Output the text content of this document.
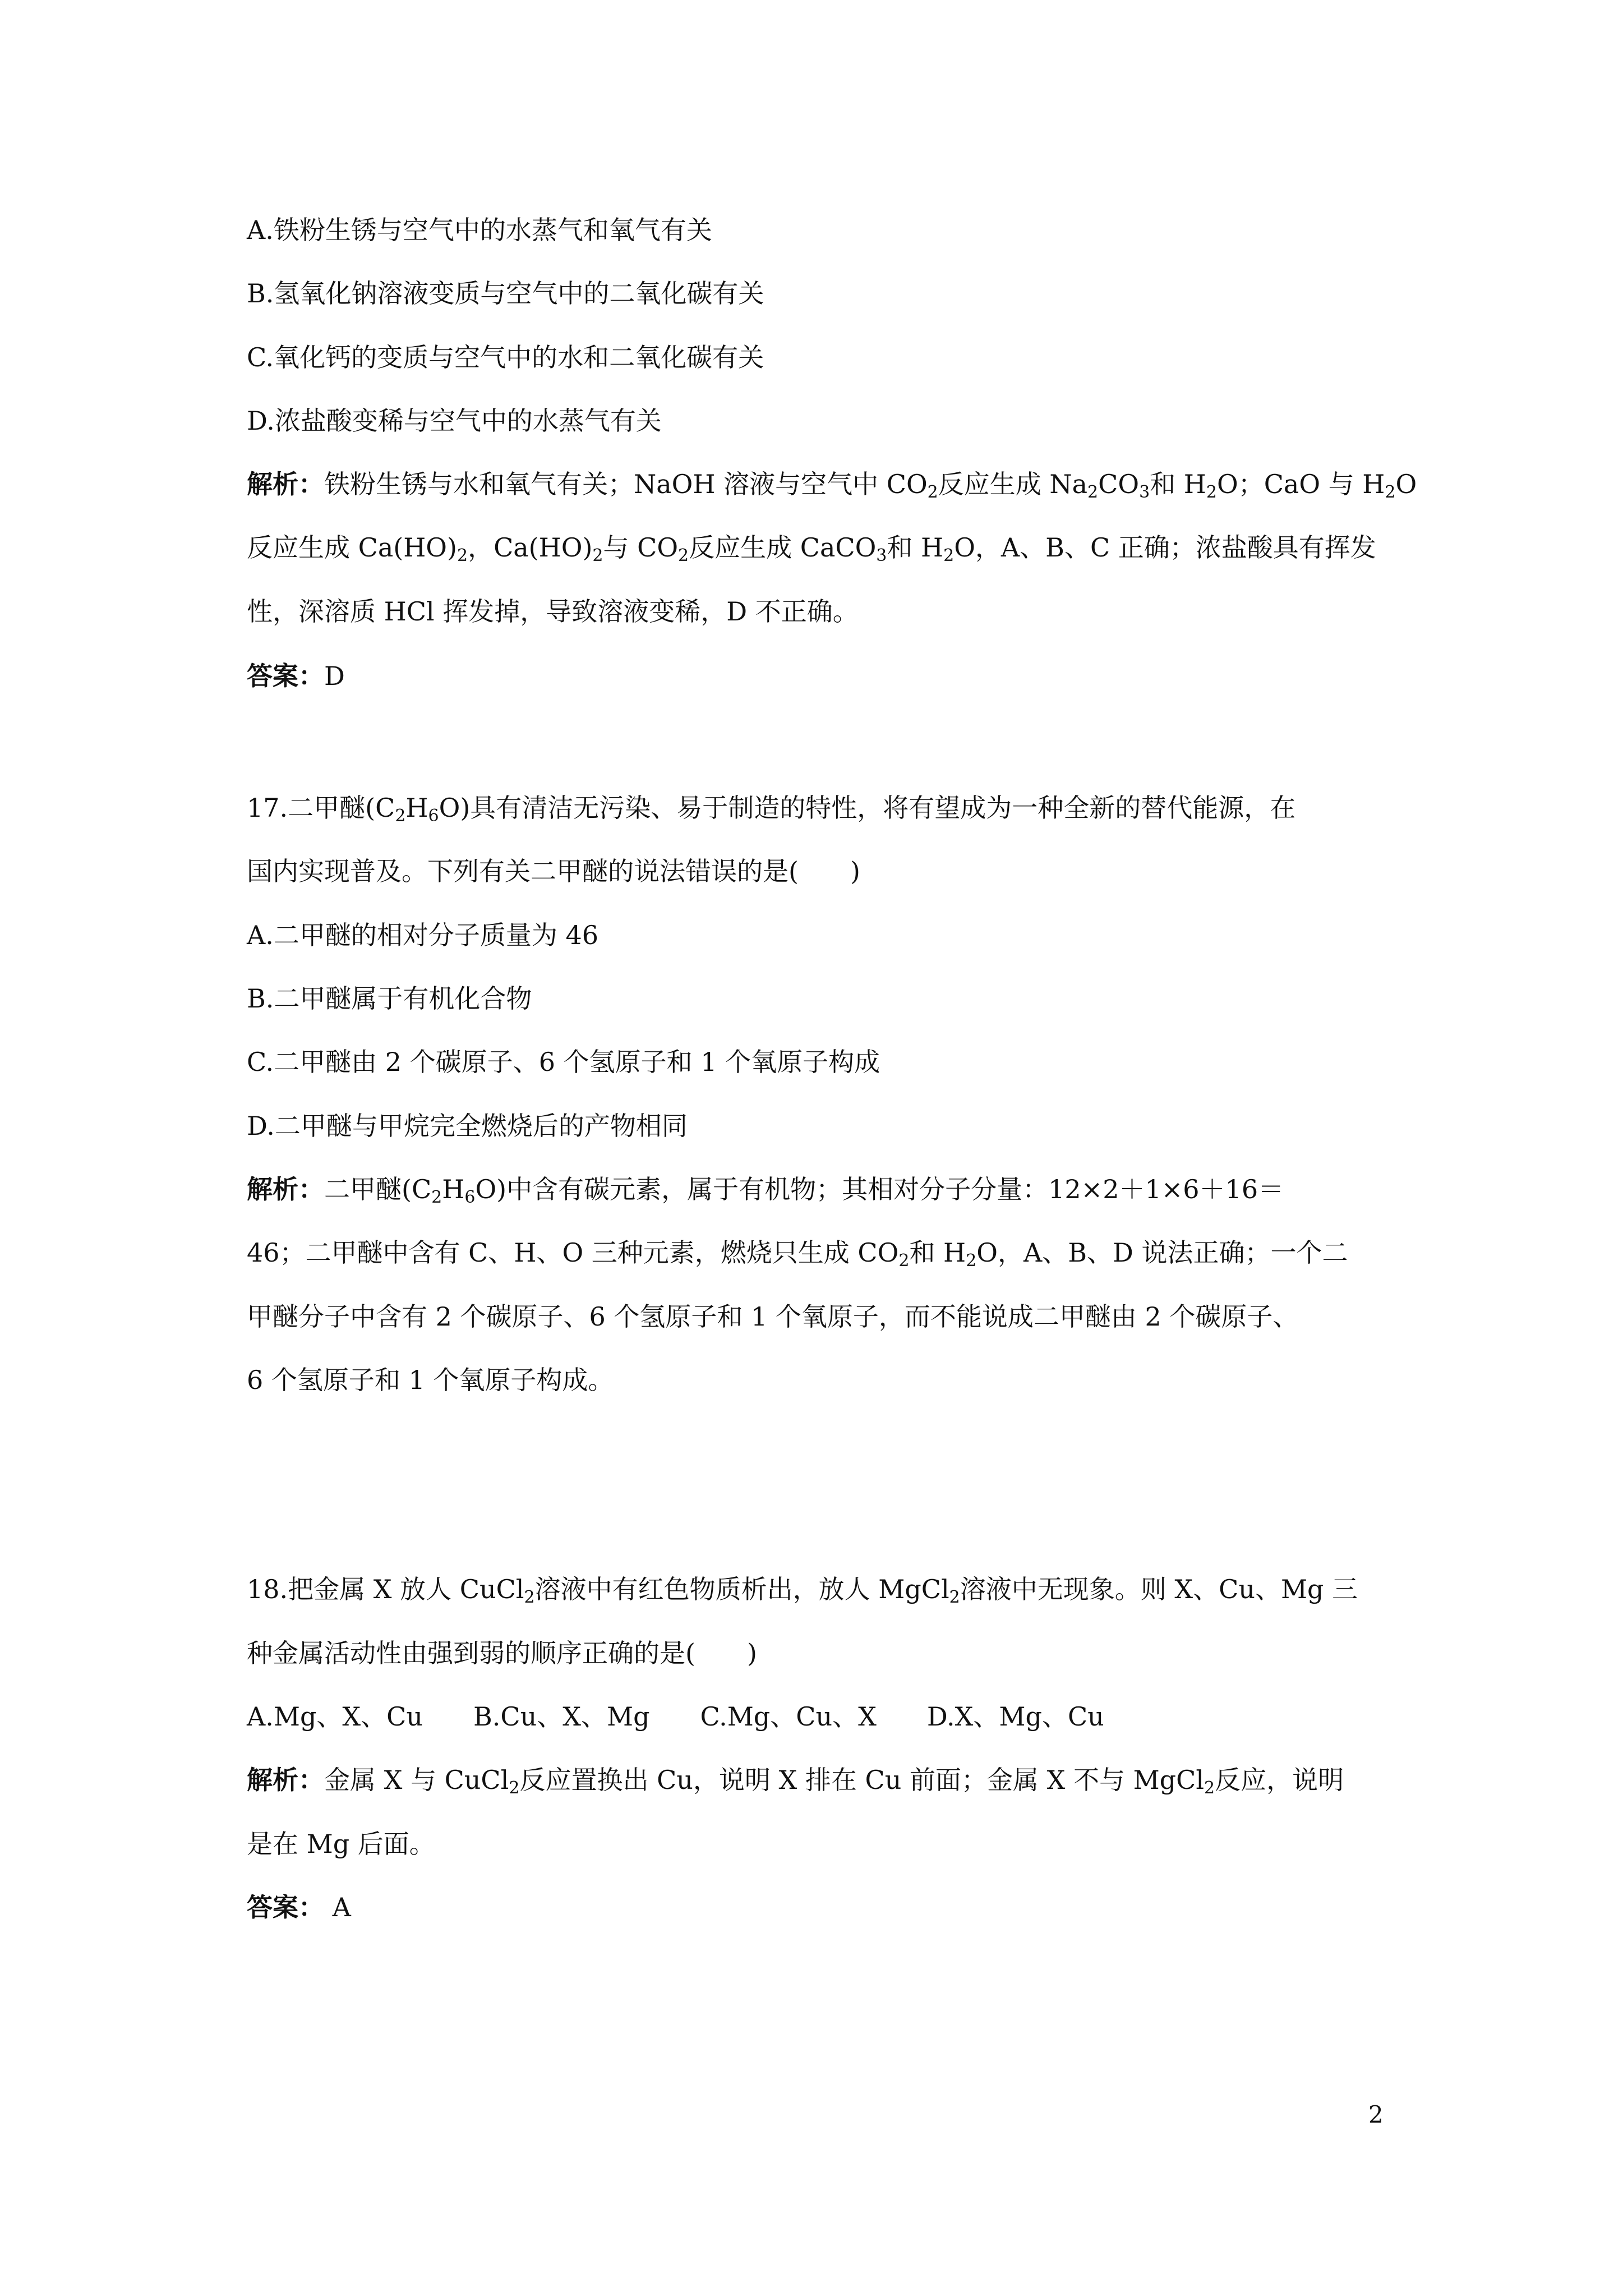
A.铁粉生锈与空气中的水蒸气和氧气有关
B.氢氧化钠溶液变质与空气中的二氧化碳有关
C.氧化钙的变质与空气中的水和二氧化碳有关
D.浓盐酸变稀与空气中的水蒸气有关
解析：铁粉生锈与水和氧气有关；NaOH 溶液与空气中 $CO_2$反应生成 $Na_2CO_3$和 $H_2O$；CaO 与 $H_2O$
反应生成 $Ca(HO)_2$，$Ca(HO)_2$与 $CO_2$反应生成 CaCO$_3$和 $H_2O$，A、B、C 正确；浓盐酸具有挥发
性，深溶质 HCl 挥发掉，导致溶液变稀，D 不正确。
答案：D
17.二甲醚$(C_2H_6O)$具有清洁无污染、易于制造的特性，将有望成为一种全新的替代能源，在
国内实现普及。下列有关二甲醚的说法错误的是(　　)
A.二甲醚的相对分子质量为 46
B.二甲醚属于有机化合物
C.二甲醚由 2 个碳原子、6 个氢原子和 1 个氧原子构成
D.二甲醚与甲烷完全燃烧后的产物相同
解析：二甲醚$(C_2H_6O)$中含有碳元素，属于有机物；其相对分子分量：12×2＋1×6＋16＝
46；二甲醚中含有 C、H、O 三种元素，燃烧只生成 $CO_2$和 $H_2O$，A、B、D 说法正确；一个二
甲醚分子中含有 2 个碳原子、6 个氢原子和 1 个氧原子，而不能说成二甲醚由 2 个碳原子、
6 个氢原子和 1 个氧原子构成。
18.把金属 X 放人 CuCl$_2$溶液中有红色物质析出，放人 MgCl$_2$溶液中无现象。则 X、Cu、Mg 三
种金属活动性由强到弱的顺序正确的是(　　)
A.Mg、X、Cu B.Cu、X、Mg C.Mg、Cu、X D.X、Mg、Cu
解析：金属 X 与 CuCl$_2$反应置换出 Cu，说明 X 排在 Cu 前面；金属 X 不与 MgCl$_2$反应，说明
是在 Mg 后面。
答案： A
2
